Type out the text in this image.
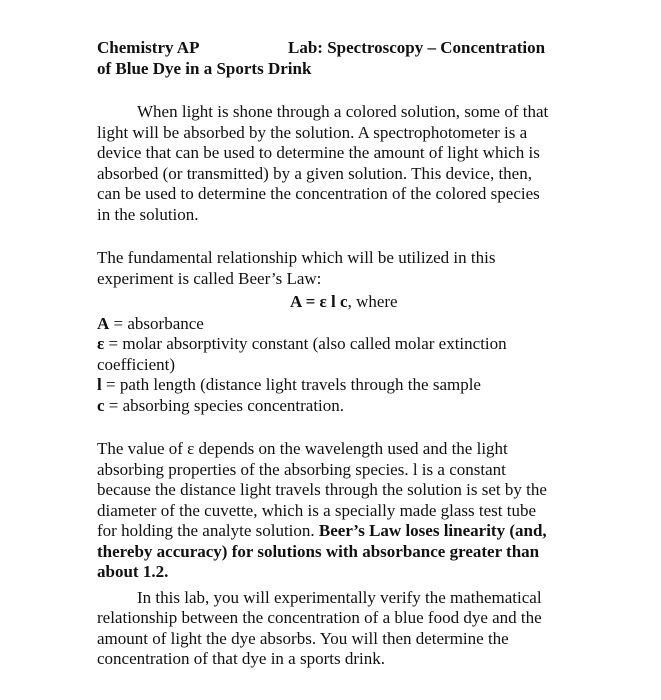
Chemistry AP	Lab: Spectroscopy – Concentration
of Blue Dye in a Sports Drink
When light is shone through a colored solution, some of that
light will be absorbed by the solution. A spectrophotometer is a
device that can be used to determine the amount of light which is
absorbed (or transmitted) by a given solution. This device, then,
can be used to determine the concentration of the colored species
in the solution.
The fundamental relationship which will be utilized in this
experiment is called Beer’s Law:
A = ε l c, where
A = absorbance
ε = molar absorptivity constant (also called molar extinction
coefficient)
l = path length (distance light travels through the sample
c = absorbing species concentration.
The value of ε depends on the wavelength used and the light
absorbing properties of the absorbing species. l is a constant
because the distance light travels through the solution is set by the
diameter of the cuvette, which is a specially made glass test tube
for holding the analyte solution. Beer’s Law loses linearity (and,
thereby accuracy) for solutions with absorbance greater than
about 1.2.
In this lab, you will experimentally verify the mathematical
relationship between the concentration of a blue food dye and the
amount of light the dye absorbs. You will then determine the
concentration of that dye in a sports drink.
